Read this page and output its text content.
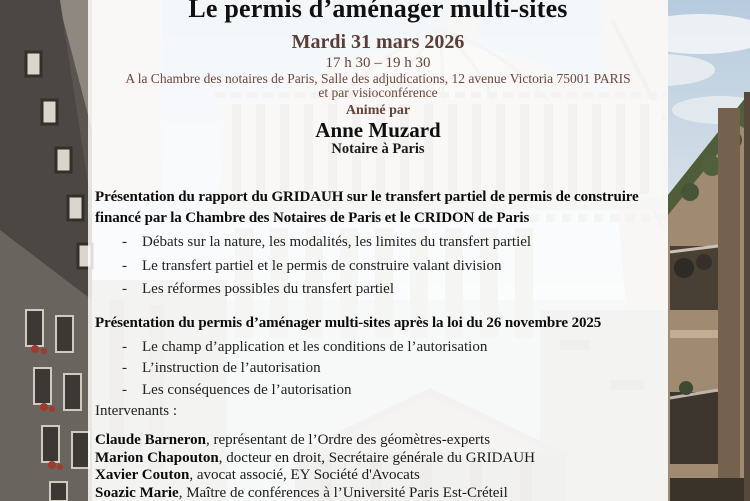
Le permis d’aménager multi-sites
Mardi 31 mars 2026
17 h 30 – 19 h 30
A la Chambre des notaires de Paris, Salle des adjudications, 12 avenue Victoria 75001 PARIS
et par visioconférence
Animé par
Anne Muzard
Notaire à Paris

Présentation du rapport du GRIDAUH sur le transfert partiel de permis de construire financé par la Chambre des Notaires de Paris et le CRIDON de Paris

- Débats sur la nature, les modalités, les limites du transfert partiel
- Le transfert partiel et le permis de construire valant division
- Les réformes possibles du transfert partiel

Présentation du permis d’aménager multi-sites après la loi du 26 novembre 2025

- Le champ d’application et les conditions de l’autorisation
- L’instruction de l’autorisation
- Les conséquences de l’autorisation
Intervenants :
Claude Barneron, représentant de l’Ordre des géomètres-experts
Marion Chapouton, docteur en droit, Secrétaire générale du GRIDAUH
Xavier Couton, avocat associé, EY Société d'Avocats
Soazic Marie, Maître de conférences à l’Université Paris Est-Créteil
